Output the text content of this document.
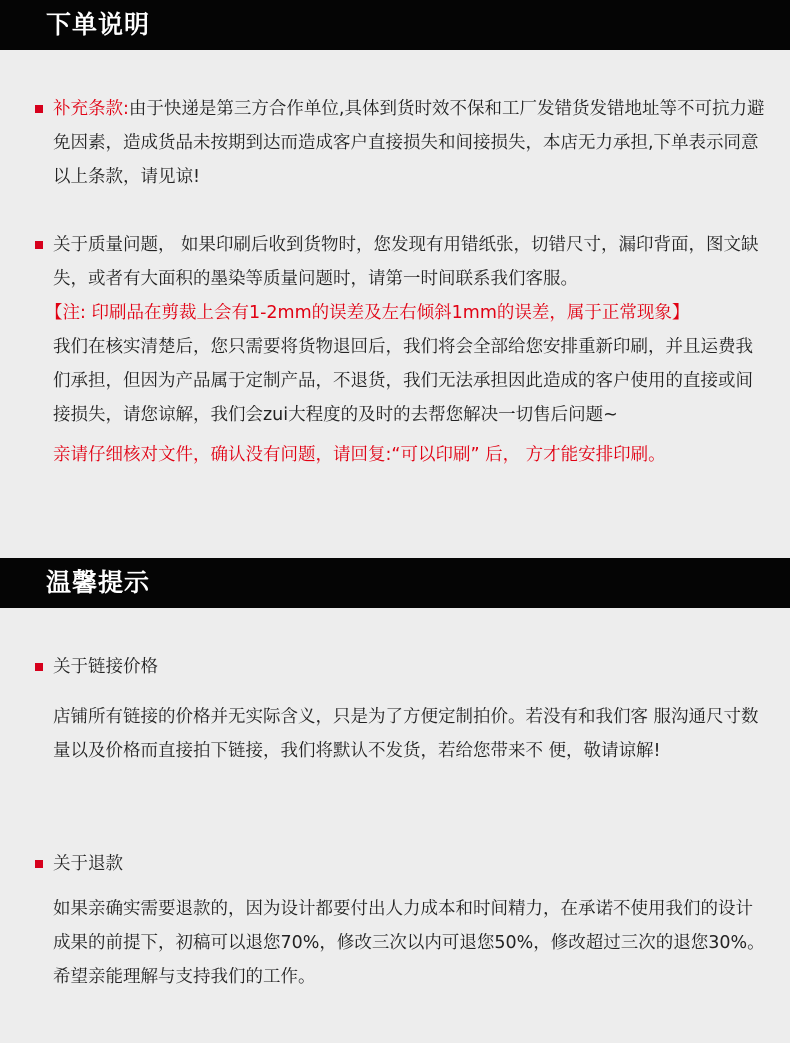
下单说明
补充条款:由于快递是第三方合作单位,具体到货时效不保和工厂发错货发错地址等不可抗力避免因素，造成货品未按期到达而造成客户直接损失和间接损失，本店无力承担,下单表示同意以上条款，请见谅!
关于质量问题， 如果印刷后收到货物时，您发现有用错纸张，切错尺寸，漏印背面，图文缺失，或者有大面积的墨染等质量问题时，请第一时间联系我们客服。
【注: 印刷品在剪裁上会有1-2mm的误差及左右倾斜1mm的误差，属于正常现象】
我们在核实清楚后，您只需要将货物退回后，我们将会全部给您安排重新印刷，并且运费我们承担，但因为产品属于定制产品，不退货，我们无法承担因此造成的客户使用的直接或间接损失，请您谅解，我们会zui大程度的及时的去帮您解决一切售后问题~
亲请仔细核对文件，确认没有问题，请回复:“可以印刷” 后， 方才能安排印刷。
温馨提示
关于链接价格
店铺所有链接的价格并无实际含义，只是为了方便定制拍价。若没有和我们客 服沟通尺寸数量以及价格而直接拍下链接，我们将默认不发货，若给您带来不 便，敬请谅解!
关于退款
如果亲确实需要退款的，因为设计都要付出人力成本和时间精力，在承诺不使用我们的设计成果的前提下，初稿可以退您70%，修改三次以内可退您50%，修改超过三次的退您30%。希望亲能理解与支持我们的工作。
